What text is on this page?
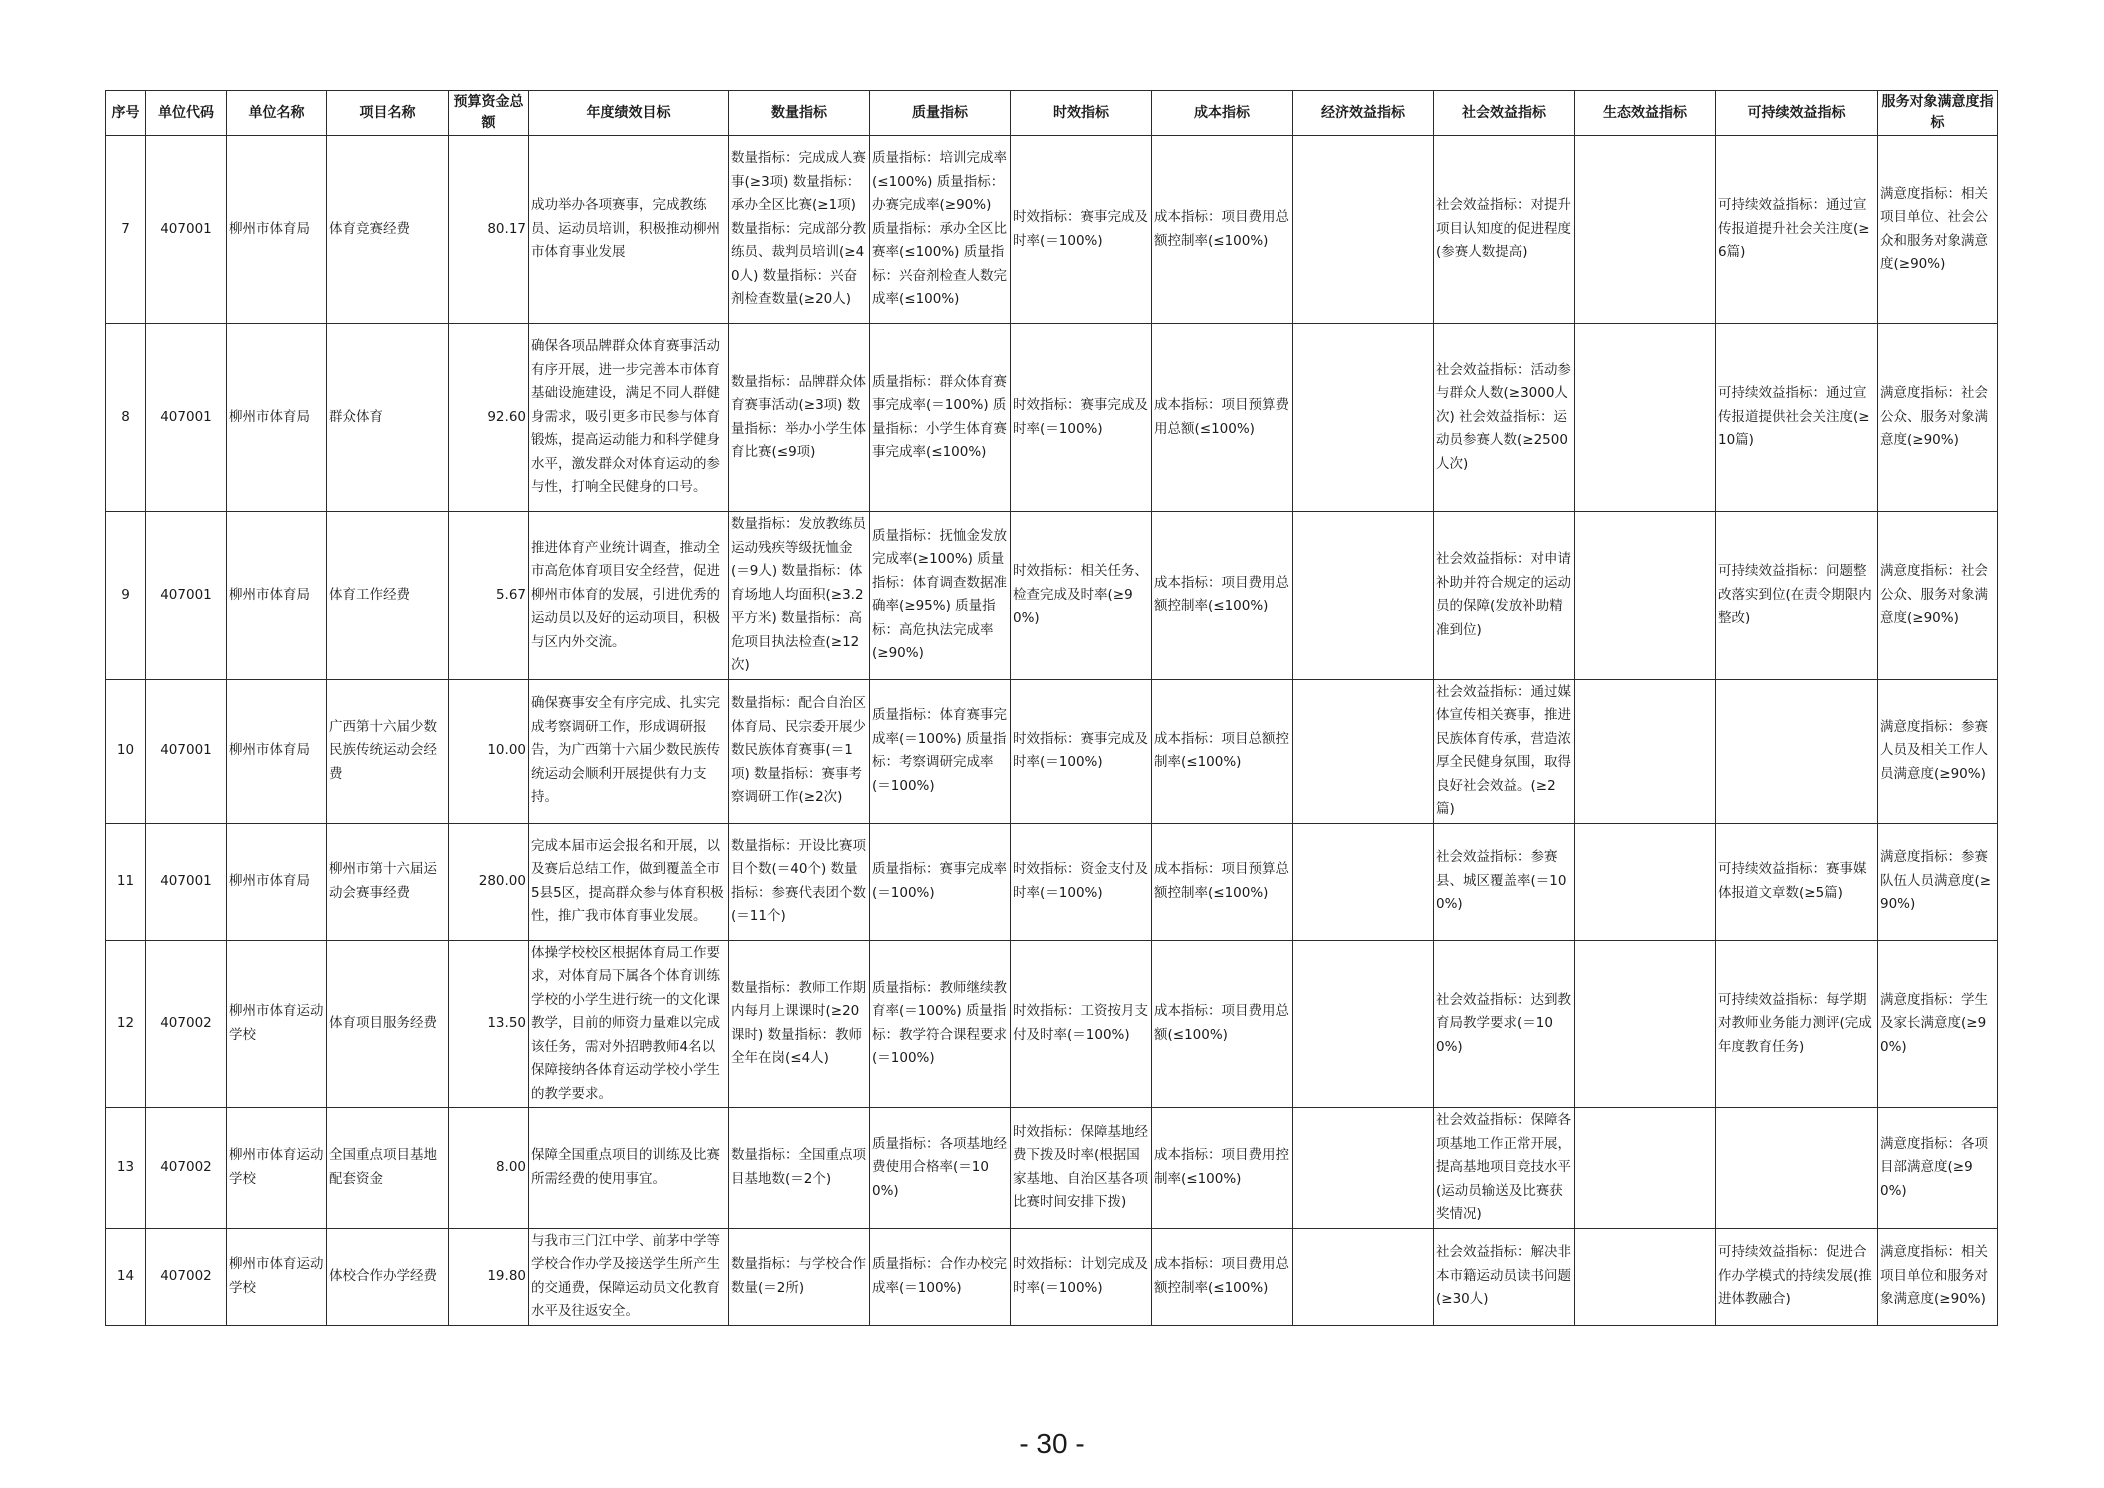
序号	单位代码	单位名称	项目名称	预算资金总额	年度绩效目标	数量指标	质量指标	时效指标	成本指标	经济效益指标	社会效益指标	生态效益指标	可持续效益指标	服务对象满意度指标
7	407001	柳州市体育局	体育竞赛经费	80.17	成功举办各项赛事，完成教练员、运动员培训，积极推动柳州市体育事业发展	数量指标：完成成人赛事(≥3项) 数量指标：承办全区比赛(≥1项) 数量指标：完成部分教练员、裁判员培训(≥40人) 数量指标：兴奋剂检查数量(≥20人)	质量指标：培训完成率(≤100%) 质量指标：办赛完成率(≥90%) 质量指标：承办全区比赛率(≤100%) 质量指标：兴奋剂检查人数完成率(≤100%)	时效指标：赛事完成及时率(＝100%)	成本指标：项目费用总额控制率(≤100%)		社会效益指标：对提升项目认知度的促进程度(参赛人数提高)		可持续效益指标：通过宣传报道提升社会关注度(≥6篇)	满意度指标：相关项目单位、社会公众和服务对象满意度(≥90%)
8	407001	柳州市体育局	群众体育	92.60	确保各项品牌群众体育赛事活动有序开展，进一步完善本市体育基础设施建设，满足不同人群健身需求，吸引更多市民参与体育锻炼，提高运动能力和科学健身水平，激发群众对体育运动的参与性，打响全民健身的口号。	数量指标：品牌群众体育赛事活动(≥3项) 数量指标：举办小学生体育比赛(≤9项)	质量指标：群众体育赛事完成率(＝100%) 质量指标：小学生体育赛事完成率(≤100%)	时效指标：赛事完成及时率(＝100%)	成本指标：项目预算费用总额(≤100%)		社会效益指标：活动参与群众人数(≥3000人次) 社会效益指标：运动员参赛人数(≥2500人次)		可持续效益指标：通过宣传报道提供社会关注度(≥10篇)	满意度指标：社会公众、服务对象满意度(≥90%)
9	407001	柳州市体育局	体育工作经费	5.67	推进体育产业统计调查，推动全市高危体育项目安全经营，促进柳州市体育的发展，引进优秀的运动员以及好的运动项目，积极与区内外交流。	数量指标：发放教练员运动残疾等级抚恤金(＝9人) 数量指标：体育场地人均面积(≥3.2平方米) 数量指标：高危项目执法检查(≥12次)	质量指标：抚恤金发放完成率(≥100%) 质量指标：体育调查数据准确率(≥95%) 质量指标：高危执法完成率(≥90%)	时效指标：相关任务、检查完成及时率(≥90%)	成本指标：项目费用总额控制率(≤100%)		社会效益指标：对申请补助并符合规定的运动员的保障(发放补助精准到位)		可持续效益指标：问题整改落实到位(在责令期限内整改)	满意度指标：社会公众、服务对象满意度(≥90%)
10	407001	柳州市体育局	广西第十六届少数民族传统运动会经费	10.00	确保赛事安全有序完成、扎实完成考察调研工作，形成调研报告，为广西第十六届少数民族传统运动会顺利开展提供有力支持。	数量指标：配合自治区体育局、民宗委开展少数民族体育赛事(＝1项) 数量指标：赛事考察调研工作(≥2次)	质量指标：体育赛事完成率(＝100%) 质量指标：考察调研完成率(＝100%)	时效指标：赛事完成及时率(＝100%)	成本指标：项目总额控制率(≤100%)		社会效益指标：通过媒体宣传相关赛事，推进民族体育传承，营造浓厚全民健身氛围，取得良好社会效益。(≥2篇)			满意度指标：参赛人员及相关工作人员满意度(≥90%)
11	407001	柳州市体育局	柳州市第十六届运动会赛事经费	280.00	完成本届市运会报名和开展，以及赛后总结工作，做到覆盖全市5县5区，提高群众参与体育积极性，推广我市体育事业发展。	数量指标：开设比赛项目个数(＝40个) 数量指标：参赛代表团个数(＝11个)	质量指标：赛事完成率(＝100%)	时效指标：资金支付及时率(＝100%)	成本指标：项目预算总额控制率(≤100%)		社会效益指标：参赛县、城区覆盖率(＝100%)		可持续效益指标：赛事媒体报道文章数(≥5篇)	满意度指标：参赛队伍人员满意度(≥90%)
12	407002	柳州市体育运动学校	体育项目服务经费	13.50	体操学校校区根据体育局工作要求，对体育局下属各个体育训练学校的小学生进行统一的文化课教学，目前的师资力量难以完成该任务，需对外招聘教师4名以保障接纳各体育运动学校小学生的教学要求。	数量指标：教师工作期内每月上课课时(≥20课时) 数量指标：教师全年在岗(≤4人)	质量指标：教师继续教育率(＝100%) 质量指标：教学符合课程要求(＝100%)	时效指标：工资按月支付及时率(＝100%)	成本指标：项目费用总额(≤100%)		社会效益指标：达到教育局教学要求(＝100%)		可持续效益指标：每学期对教师业务能力测评(完成年度教育任务)	满意度指标：学生及家长满意度(≥90%)
13	407002	柳州市体育运动学校	全国重点项目基地配套资金	8.00	保障全国重点项目的训练及比赛所需经费的使用事宜。	数量指标：全国重点项目基地数(＝2个)	质量指标：各项基地经费使用合格率(＝100%)	时效指标：保障基地经费下拨及时率(根据国家基地、自治区基各项比赛时间安排下拨)	成本指标：项目费用控制率(≤100%)		社会效益指标：保障各项基地工作正常开展，提高基地项目竞技水平(运动员输送及比赛获奖情况)			满意度指标：各项目部满意度(≥90%)
14	407002	柳州市体育运动学校	体校合作办学经费	19.80	与我市三门江中学、前茅中学等学校合作办学及接送学生所产生的交通费，保障运动员文化教育水平及往返安全。	数量指标：与学校合作数量(＝2所)	质量指标：合作办校完成率(＝100%)	时效指标：计划完成及时率(＝100%)	成本指标：项目费用总额控制率(≤100%)		社会效益指标：解决非本市籍运动员读书问题(≥30人)		可持续效益指标：促进合作办学模式的持续发展(推进体教融合)	满意度指标：相关项目单位和服务对象满意度(≥90%)
- 30 -
